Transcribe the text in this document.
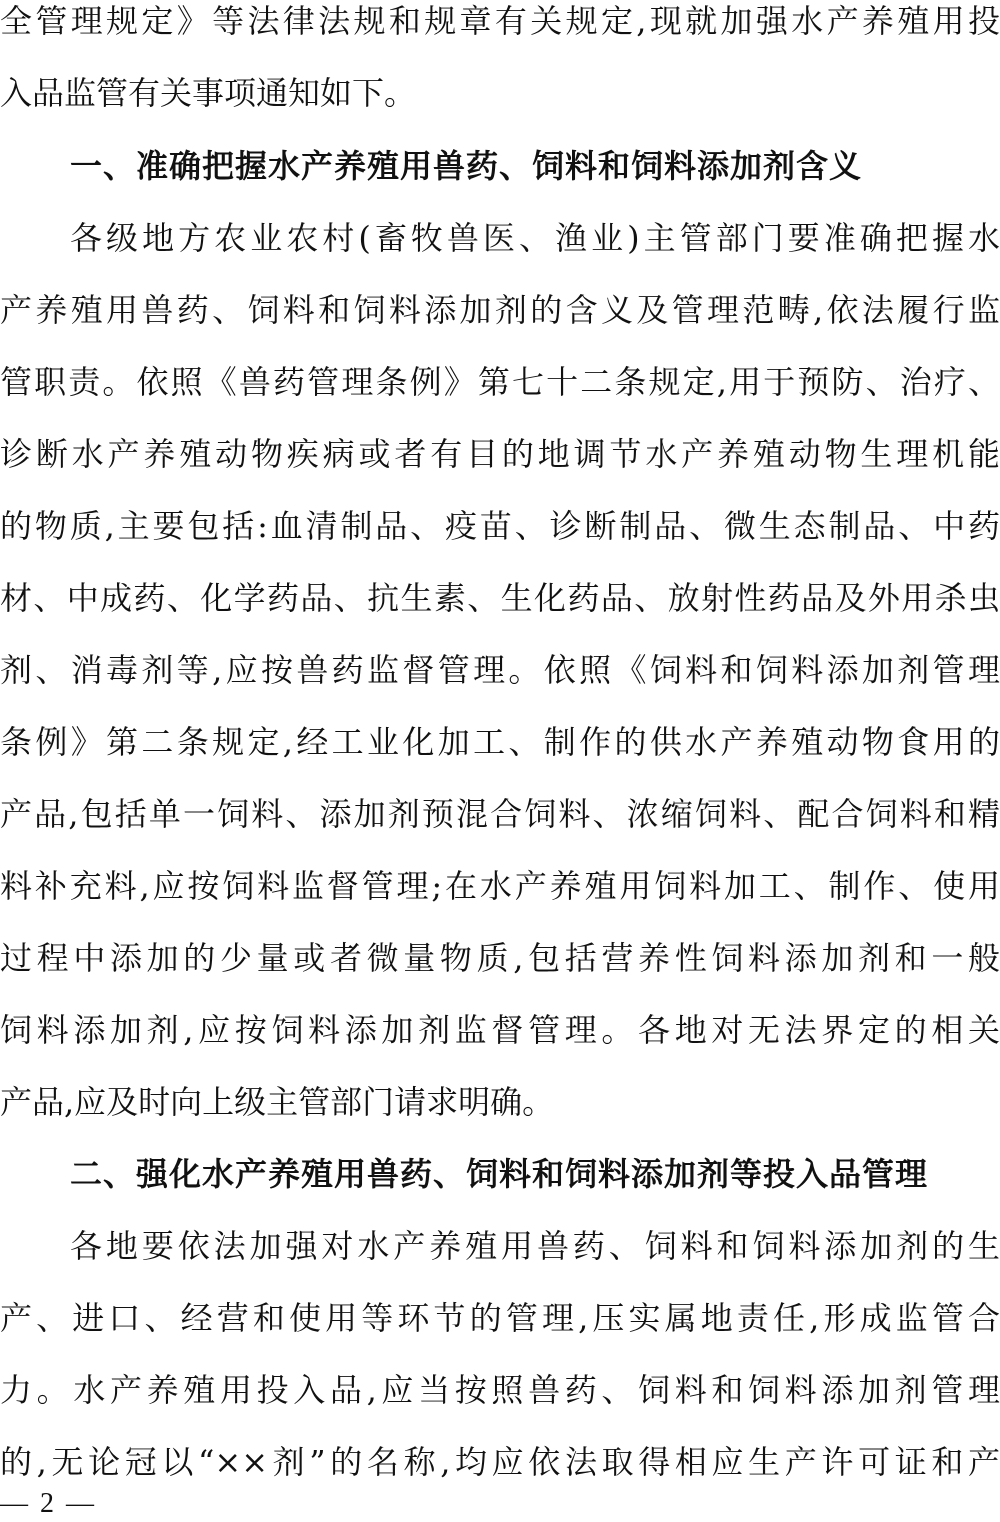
全管理规定》等法律法规和规章有关规定,现就加强水产养殖用投
入品监管有关事项通知如下。
一、准确把握水产养殖用兽药、饲料和饲料添加剂含义
各级地方农业农村(畜牧兽医、渔业)主管部门要准确把握水
产养殖用兽药、饲料和饲料添加剂的含义及管理范畴,依法履行监
管职责。依照《兽药管理条例》第七十二条规定,用于预防、治疗、
诊断水产养殖动物疾病或者有目的地调节水产养殖动物生理机能
的物质,主要包括:血清制品、疫苗、诊断制品、微生态制品、中药
材、中成药、化学药品、抗生素、生化药品、放射性药品及外用杀虫
剂、消毒剂等,应按兽药监督管理。依照《饲料和饲料添加剂管理
条例》第二条规定,经工业化加工、制作的供水产养殖动物食用的
产品,包括单一饲料、添加剂预混合饲料、浓缩饲料、配合饲料和精
料补充料,应按饲料监督管理;在水产养殖用饲料加工、制作、使用
过程中添加的少量或者微量物质,包括营养性饲料添加剂和一般
饲料添加剂,应按饲料添加剂监督管理。各地对无法界定的相关
产品,应及时向上级主管部门请求明确。
二、强化水产养殖用兽药、饲料和饲料添加剂等投入品管理
各地要依法加强对水产养殖用兽药、饲料和饲料添加剂的生
产、进口、经营和使用等环节的管理,压实属地责任,形成监管合
力。水产养殖用投入品,应当按照兽药、饲料和饲料添加剂管理
的,无论冠以“××剂”的名称,均应依法取得相应生产许可证和产
— 2 —
